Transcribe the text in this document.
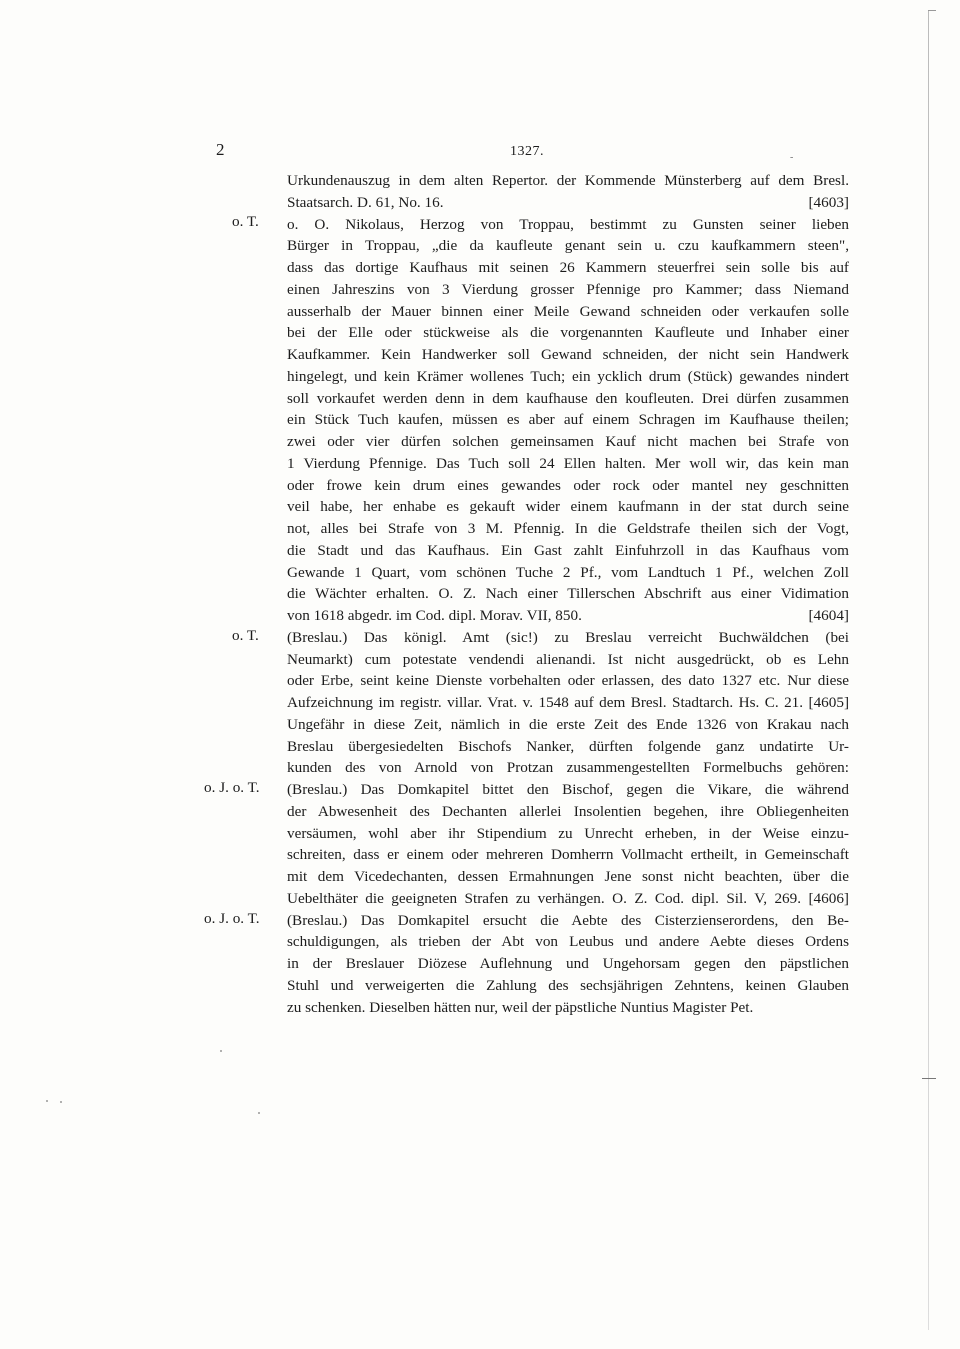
2	1327.	-
o. T.
o. T.
o. J. o. T.
o. J. o. T.
Urkundenauszug in dem alten Repertor. der Kommende Münsterberg auf dem Bresl.
Staatsarch. D. 61, No. 16.	[4603]
o. O. Nikolaus, Herzog von Troppau, bestimmt zu Gunsten seiner lieben
Bürger in Troppau, „die da kaufleute genant sein u. czu kaufkammern steen",
dass das dortige Kaufhaus mit seinen 26 Kammern steuerfrei sein solle bis auf
einen Jahreszins von 3 Vierdung grosser Pfennige pro Kammer; dass Niemand
ausserhalb der Mauer binnen einer Meile Gewand schneiden oder verkaufen solle
bei der Elle oder stückweise als die vorgenannten Kaufleute und Inhaber einer
Kaufkammer. Kein Handwerker soll Gewand schneiden, der nicht sein Handwerk
hingelegt, und kein Krämer wollenes Tuch; ein ycklich drum (Stück) gewandes nindert
soll vorkaufet werden denn in dem kaufhause den koufleuten. Drei dürfen zusammen
ein Stück Tuch kaufen, müssen es aber auf einem Schragen im Kaufhause theilen;
zwei oder vier dürfen solchen gemeinsamen Kauf nicht machen bei Strafe von
1 Vierdung Pfennige. Das Tuch soll 24 Ellen halten. Mer woll wir, das kein man
oder frowe kein drum eines gewandes oder rock oder mantel ney geschnitten
veil habe, her enhabe es gekauft wider einem kaufmann in der stat durch seine
not, alles bei Strafe von 3 M. Pfennig. In die Geldstrafe theilen sich der Vogt,
die Stadt und das Kaufhaus. Ein Gast zahlt Einfuhrzoll in das Kaufhaus vom
Gewande 1 Quart, vom schönen Tuche 2 Pf., vom Landtuch 1 Pf., welchen Zoll
die Wächter erhalten. O. Z. Nach einer Tillerschen Abschrift aus einer Vidimation
von 1618 abgedr. im Cod. dipl. Morav. VII, 850.	[4604]
(Breslau.) Das königl. Amt (sic!) zu Breslau verreicht Buchwäldchen (bei
Neumarkt) cum potestate vendendi alienandi. Ist nicht ausgedrückt, ob es Lehn
oder Erbe, seint keine Dienste vorbehalten oder erlassen, des dato 1327 etc. Nur diese
Aufzeichnung im registr. villar. Vrat. v. 1548 auf dem Bresl. Stadtarch. Hs. C. 21. [4605]
Ungefähr in diese Zeit, nämlich in die erste Zeit des Ende 1326 von Krakau nach
Breslau übergesiedelten Bischofs Nanker, dürften folgende ganz undatirte Ur-
kunden des von Arnold von Protzan zusammengestellten Formelbuchs gehören:
(Breslau.) Das Domkapitel bittet den Bischof, gegen die Vikare, die während
der Abwesenheit des Dechanten allerlei Insolentien begehen, ihre Obliegenheiten
versäumen, wohl aber ihr Stipendium zu Unrecht erheben, in der Weise einzu-
schreiten, dass er einem oder mehreren Domherrn Vollmacht ertheilt, in Gemeinschaft
mit dem Vicedechanten, dessen Ermahnungen Jene sonst nicht beachten, über die
Uebelthäter die geeigneten Strafen zu verhängen. O. Z. Cod. dipl. Sil. V, 269. [4606]
(Breslau.) Das Domkapitel ersucht die Aebte des Cisterzienserordens, den Be-
schuldigungen, als trieben der Abt von Leubus und andere Aebte dieses Ordens
in der Breslauer Diözese Auflehnung und Ungehorsam gegen den päpstlichen
Stuhl und verweigerten die Zahlung des sechsjährigen Zehntens, keinen Glauben
zu schenken. Dieselben hätten nur, weil der päpstliche Nuntius Magister Pet.
